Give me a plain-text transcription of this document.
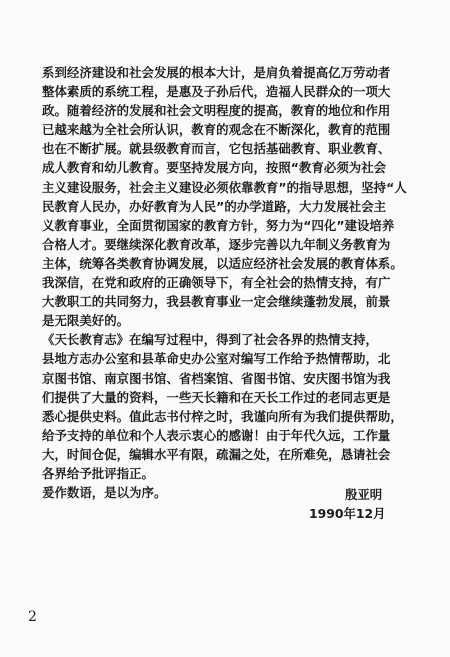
系到经济建设和社会发展的根本大计，是肩负着提高亿万劳动者
整体素质的系统工程，是惠及子孙后代，造福人民群众的一项大
政。随着经济的发展和社会文明程度的提高，教育的地位和作用
已越来越为全社会所认识，教育的观念在不断深化，教育的范围
也在不断扩展。就县级教育而言，它包括基础教育、职业教育、
成人教育和幼儿教育。要坚持发展方向，按照“教育必须为社会
主义建设服务，社会主义建设必须依靠教育”的指导思想，坚持“人
民教育人民办，办好教育为人民”的办学道路，大力发展社会主
义教育事业，全面贯彻国家的教育方针，努力为“四化”建设培养
合格人才。要继续深化教育改革，逐步完善以九年制义务教育为
主体，统筹各类教育协调发展，以适应经济社会发展的教育体系。
我深信，在党和政府的正确领导下，有全社会的热情支持，有广
大教职工的共同努力，我县教育事业一定会继续蓬勃发展，前景
是无限美好的。
《天长教育志》在编写过程中，得到了社会各界的热情支持，
县地方志办公室和县革命史办公室对编写工作给予热情帮助，北
京图书馆、南京图书馆、省档案馆、省图书馆、安庆图书馆为我
们提供了大量的资料，一些天长籍和在天长工作过的老同志更是
悉心提供史料。值此志书付梓之时，我谨向所有为我们提供帮助，
给予支持的单位和个人表示衷心的感谢！由于年代久远，工作量
大，时间仓促，编辑水平有限，疏漏之处，在所难免，恳请社会
各界给予批评指正。
爰作数语，是以为序。	殷亚明
1990年12月
2
